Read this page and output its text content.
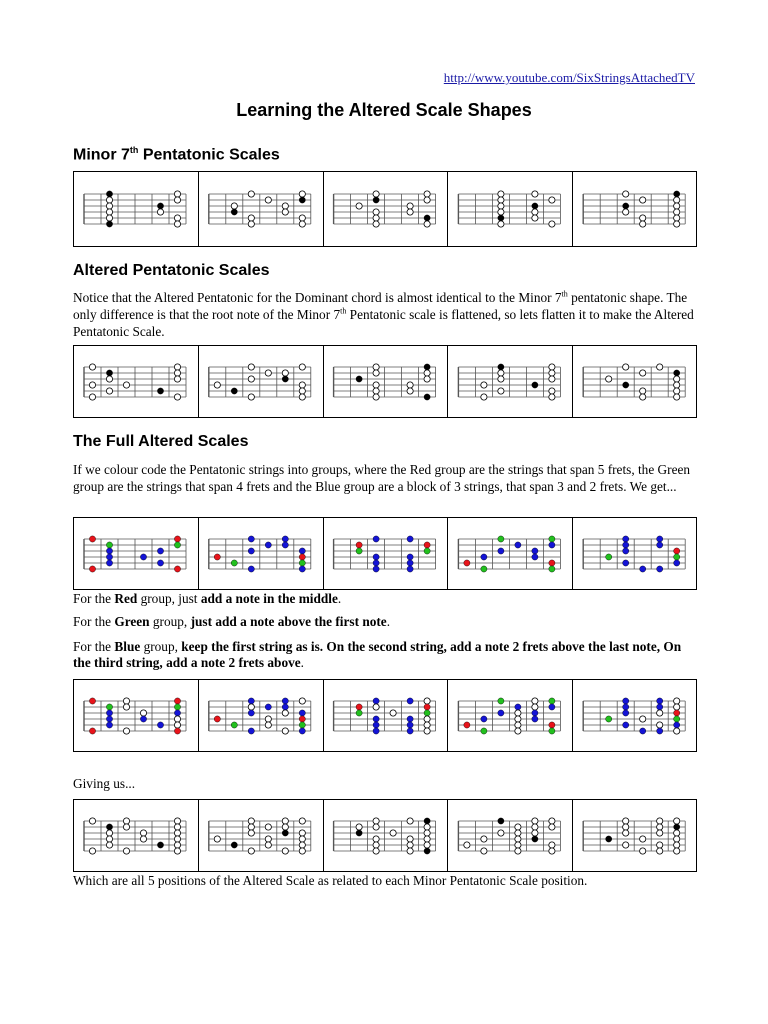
http://www.youtube.com/SixStringsAttachedTV
Learning the Altered Scale Shapes
Minor 7th Pentatonic Scales
Altered Pentatonic Scales
Notice that the Altered Pentatonic for the Dominant chord is almost identical to the Minor 7th pentatonic shape. The only difference is that the root note of the Minor 7th Pentatonic scale is flattened, so lets flatten it to make the Altered Pentatonic Scale.
The Full Altered Scales
If we colour code the Pentatonic strings into groups, where the Red group are the strings that span 5 frets, the Green group are the strings that span 4 frets and the Blue group are a block of 3 strings, that span 3 and 2 frets. We get...
For the Red group, just add a note in the middle.
For the Green group, just add a note above the first note.
For the Blue group, keep the first string as is. On the second string, add a note 2 frets above the last note, On the third string, add a note 2 frets above.
Giving us...
Which are all 5 positions of the Altered Scale as related to each Minor Pentatonic Scale position.
